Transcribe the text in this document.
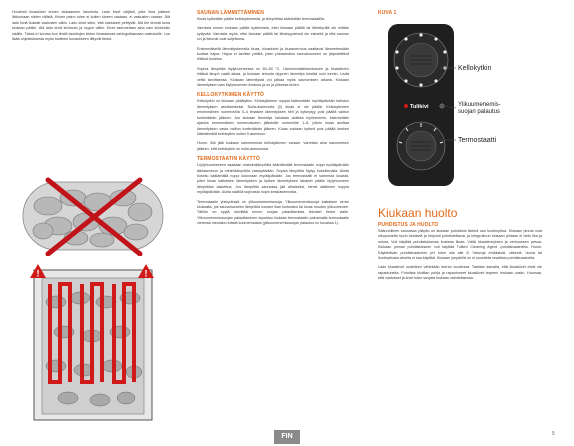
Huolehdi kiuaskivet ennen kiukaaseen latomista. Lado kivet väljästi, jotta ilma pääsee liikkumaan niiden välistä. Kivien paino tulee ei kuiten kiveen vastaan, ei vastusten varaan. Älä lado kiviä tiukasti vastusten väliin. Lado kivet siten, että vastukset peittyvät. Älä tee kivistä keoa kiukaan päälle. Älä lado kiviä kiviluvan ja ruypin väliin. Kivet asennetaan aina vain kivikehän sisälle. Tässä ei korvaa kun ilmiöt ladottujen kivien ilmastamaa vahingoittamaan vastuksille. Lue lisää ohjeistuksesta myös tuotteen kuvaukseen liittyvät tiedot.

!	!
SAUNAN LÄMMITTÄMINEN

Kiuas kytketään päälle kellokytkimestä, ja lämpötilaa säädetään termostaatilla.

Varmista ennen kiukaan päälle kytkemistä, ettei kiukaan päällä tai lähettyvillä ole mitään syttyvää. Varmista myös, ettei kiukaan päällä tai läheisyydessä ole esineitä ja että saunan ovi ja ikkunat ovat suljettuina.

Ensimmäisellä lämmityskerralla kiuas, kiuaskivet ja kiuasverhous saattavat lämmetessään tuottaa hajua. Hajua ei tarvitse pelätä, joten poistamaksi saunahuoneen on järjestettävä riittävä tuuletus.

Sopiva lämpötila löylyhuoneessa on 60–80 °C. Lämmönsäätösentuksen ja kiuaskivien riittävä lämpö vaatii aikaa, ja kiukaan tehosta riippuen lämmitys kestää noin tunnin. Lisää vettä tarvittaessa. Kiukaan lämmitystä voi jatkaa myös saunomisen aikana. Kiukaan lämmityksen aan löylyhuoneen ilmansa ja on ja piisessa kivien.

KELLOKYTKIMEN KÄYTTÖ

Kellokytkin on kiukaan päälkytkin. Kellokytkimen nuppia käännetään myötäpäivään hallutun lämmityksen asettamiseksi. Nolla-asennosta (0) kiuas ei ole päällä. Kellokytkimen ensimmäinen numerovilla 0–4 ilmaisee lämmityksen heti ja kytkeytyy pois päältä valitun tuntimäärän jälkeen. Jos kiukaan lämmitys halutaan aloittaa myöhemmin, käännetään ajastus ensimmäisen numeroalueen jälkeisille numeroille 1–8, jolloin kiuas aloittaa lämmityksen vasta valitun tuntimäärän jälkeen. Kiuas voidaan kytkeä pois päältä kesken kääntämällä kellokytkin nollan 0-asentoon.

Huom. Älä jätä kiukaan sammumista kellokytkimen varaan. Varmista aina saunomisen jälkeen, että kellokytkin on nolla-asennossa.

TERMOSTAATIN KÄYTTÖ

Löylyhuoneeseen saadaan maksimilämpötila kääntämällä termostaatin nuppi myötäpäivään ääriasentoon ja minimilämpötila vastapäivään. Sopiva lämpötila löytyy kokeilemalla. Aloita kokeilu säätämällä nuppi kokonaan myötäpäivään. Jos termostaatti ei sammuta kiuasta, joten kiuas katkaisee lämmityksen ja kytkee lämmityksen takaisin päälle löylyhuoneen lämpötilan laskettua. Jos lämpötila saunassa jää alhaiseksi, kierrä säätimen nuppia myötäpäivään. Aloita säätöä sopivasta nupin keskiasennosta.

Termostaatin yhteydessä on ylikuumenemissuoja. Ylikuumenemissuoja katkaisee virran kiukaalta, jos saunahuoneen lämpötila nousee liian korkeaksi tai kiuas muuten ylikuumenee. Tällöin on syytä selvittää ennen suojan palauttamista tekniset tiedot vialle. Ylikuumenemissuojan palauttaminen tapahtuu kiukaan termostaatin painamalla termostaatin vieressä olevasta reiästä kuumemsasta (ylikuumenemissuojan palautus on kuvassa 1).

KUVA 1
Tulikivi
Kellokytkin
Ylikuumenemis-
suojan palautus
Termostaatti
Kiukaan huolto
PUHDISTUS JA HUOLTO

Säännöllinen saunassa ylläpito on kiukaan puhdistus tärkeä osa huolenpitoa. Kiukaan pinnat ovat ulkopuolelta hyvin kestäviä ja helposti puhdistettavia, ja integroituun kiukaan pintaan ei tartu lika ja nokea. Voit käyttää puhdistuksessa kosteaa liinaa. Vältä kiuaskiveyksen ja verhouksen pesua. Kiukaan pinnan puhdistukseen voit käyttää Tulikivi Cleaning Agent -puhdistusainetta. Huom. Käytettävän puhdistusaineen pH tulee olla alle 8. Vahvoja emäksisiä, väkeviä, hiovia tai liuotinpitoisia aineita ei saa käyttää. Kiukaan ympärillä on ei suositella tavallisia puhdistusaineita.

Lado kiuaskivet uudelleen vähintään kerran vuodessa. Tarkista samalla, että kiuaskivet eivät ole rapautuneita. Puhdista kivitilan pohja ja rapautuneet kiuaskivet tarpeen mukaan uusiin. Huomaa, että vastukset ja kivet tulee suojata kiukaan vaihdettaessa.

FIN	5
